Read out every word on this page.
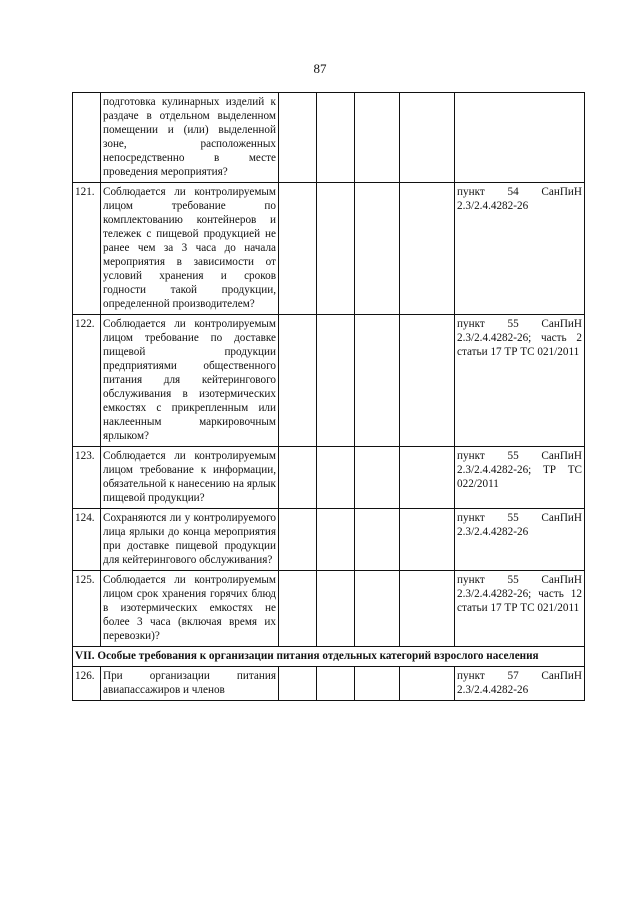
87
	подготовка кулинарных изделий к раздаче в отдельном выделенном помещении и (или) выделенной зоне, расположенных непосредственно в месте проведения мероприятия?					
121.	Соблюдается ли контролируемым лицом требование по комплектованию контейнеров и тележек с пищевой продукцией не ранее чем за 3 часа до начала мероприятия в зависимости от условий хранения и сроков годности такой продукции, определенной производителем?					пункт 54 СанПиН 2.3/2.4.4282-26
122.	Соблюдается ли контролируемым лицом требование по доставке пищевой продукции предприятиями общественного питания для кейтерингового обслуживания в изотермических емкостях с прикрепленным или наклеенным маркировочным ярлыком?					пункт 55 СанПиН 2.3/2.4.4282-26; часть 2 статьи 17 ТР ТС 021/2011
123.	Соблюдается ли контролируемым лицом требование к информации, обязательной к нанесению на ярлык пищевой продукции?					пункт 55 СанПиН 2.3/2.4.4282-26; ТР ТС 022/2011
124.	Сохраняются ли у контролируемого лица ярлыки до конца мероприятия при доставке пищевой продукции для кейтерингового обслуживания?					пункт 55 СанПиН 2.3/2.4.4282-26
125.	Соблюдается ли контролируемым лицом срок хранения горячих блюд в изотермических емкостях не более 3 часа (включая время их перевозки)?					пункт 55 СанПиН 2.3/2.4.4282-26; часть 12 статьи 17 ТР ТС 021/2011
VII. Особые требования к организации питания отдельных категорий взрослого населения						
126.	При организации питания авиапассажиров и членов					пункт 57 СанПиН 2.3/2.4.4282-26
